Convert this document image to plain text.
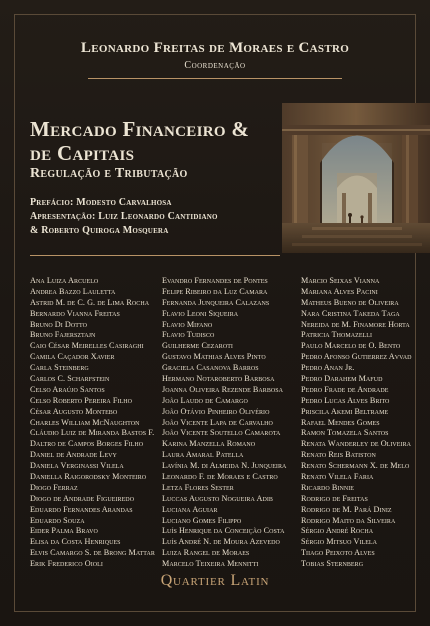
Leonardo Freitas de Moraes e Castro
Coordenação
Mercado Financeiro &
de Capitais
Regulação e Tributação
Prefácio: Modesto Carvalhosa
Apresentação: Luiz Leonardo Cantidiano
& Roberto Quiroga Mosquera
Ana Luiza Arcuelo
Andrea Bazzo Lauletta
Astrid M. de C. G. de Lima Rocha
Bernardo Vianna Freitas
Bruno Di Dotto
Bruno Fajersztajn
Caio César Meirelles Casiraghi
Camila Caçador Xavier
Carla Steinberg
Carlos C. Scharfstein
Celso Araújo Santos
Celso Roberto Pereira Filho
César Augusto Montebo
Charles William McNaughton
Cláudio Luiz de Miranda Bastos F.
Daltro de Campos Borges Filho
Daniel de Andrade Levy
Daniela Verginassi Vilela
Daniella Raigorodsky Monteiro
Diogo Ferraz
Diogo de Andrade Figueiredo
Eduardo Fernandes Arandas
Eduardo Souza
Eider Palma Bravo
Elisa da Costa Henriques
Elvis Camargo S. de Brong Mattar
Erik Frederico Oioli
Evandro Fernandes de Pontes
Felipe Ribeiro da Luz Camara
Fernanda Junqueira Calazans
Flavio Leoni Siqueira
Flavio Mifano
Flavio Tudisco
Guilherme Cezaroti
Gustavo Mathias Alves Pinto
Graciela Casanova Barros
Hermano Notaroberto Barbosa
Joanna Oliveira Rezende Barbosa
João Laudo de Camargo
João Otávio Pinheiro Olivério
João Vicente Lapa de Carvalho
João Vicente Soutello Camarota
Karina Manzella Romano
Laura Amaral Patella
Lavínia M. di Almeida N. Junqueira
Leonardo F. de Moraes e Castro
Letza Flores Sester
Luccas Augusto Nogueira Adib
Luciana Aguiar
Luciano Gomes Filippo
Luís Henrique da Conceição Costa
Luís André N. de Moura Azevedo
Luiza Rangel de Moraes
Marcelo Teixeira Mennitti
Marcio Seixas Vianna
Mariana Alves Pacini
Matheus Bueno de Oliveira
Nara Cristina Takeda Taga
Nereida de M. Finamore Horta
Patricia Thomazelli
Paulo Marcelo de O. Bento
Pedro Afonso Gutierrez Avvad
Pedro Anan Jr.
Pedro Daraheм Mafud
Pedro Frade de Andrade
Pedro Lucas Alves Brito
Priscila Akemi Beltrame
Rafael Mendes Gomes
Ramon Tomazela Santos
Renata Wanderley de Oliveira
Renato Reis Batiston
Renato Schermann X. de Melo
Renato Vilela Faria
Ricardo Binnie
Rodrigo de Freitas
Rodrigo de M. Pará Diniz
Rodrigo Maito da Silveira
Sérgio André Rocha
Sérgio Mitsuo Vilela
Tiiago Peixoto Alves
Tobias Sternberg
Quartier Latin
